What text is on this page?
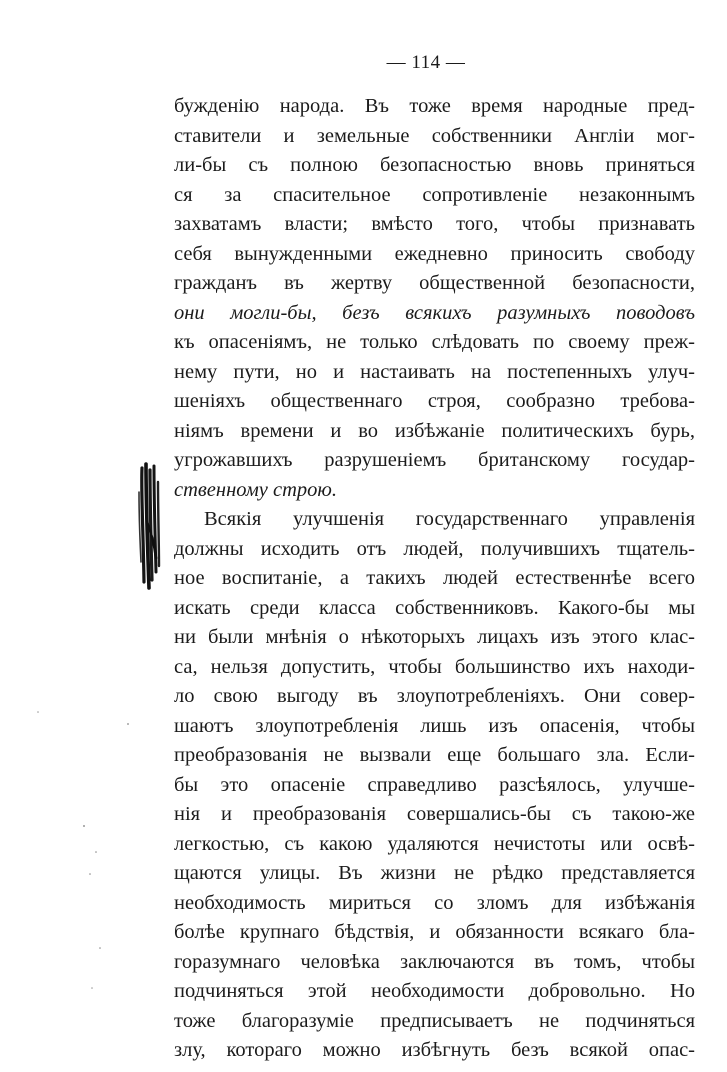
— 114 —
бужденію народа. Въ тоже время народные пред-
ставители и земельные собственники Англіи мог-
ли-бы съ полною безопасностью вновь приняться
ся за спасительное сопротивленіе незаконнымъ
захватамъ власти; вмѣсто того, чтобы признавать
себя вынужденными ежедневно приносить свободу
гражданъ въ жертву общественной безопасности,
они могли-бы, безъ всякихъ разумныхъ поводовъ
къ опасеніямъ, не только слѣдовать по своему преж-
нему пути, но и настаивать на постепенныхъ улуч-
шеніяхъ общественнаго строя, сообразно требова-
ніямъ времени и во избѣжаніе политическихъ бурь,
угрожавшихъ разрушеніемъ британскому государ-
ственному строю.
Всякія улучшенія государственнаго управленія
должны исходить отъ людей, получившихъ тщатель-
ное воспитаніе, а такихъ людей естественнѣе всего
искать среди класса собственниковъ. Какого-бы мы
ни были мнѣнія о нѣкоторыхъ лицахъ изъ этого клас-
са, нельзя допустить, чтобы большинство ихъ находи-
ло свою выгоду въ злоупотребленіяхъ. Они совер-
шаютъ злоупотребленія лишь изъ опасенія, чтобы
преобразованія не вызвали еще большаго зла. Если-
бы это опасеніе справедливо разсѣялось, улучше-
нія и преобразованія совершались-бы съ такою-же
легкостью, съ какою удаляются нечистоты или освѣ-
щаются улицы. Въ жизни не рѣдко представляется
необходимость мириться со зломъ для избѣжанія
болѣе крупнаго бѣдствія, и обязанности всякаго бла-
горазумнаго человѣка заключаются въ томъ, чтобы
подчиняться этой необходимости добровольно. Но
тоже благоразуміе предписываетъ не подчиняться
злу, котораго можно избѣгнуть безъ всякой опас-
